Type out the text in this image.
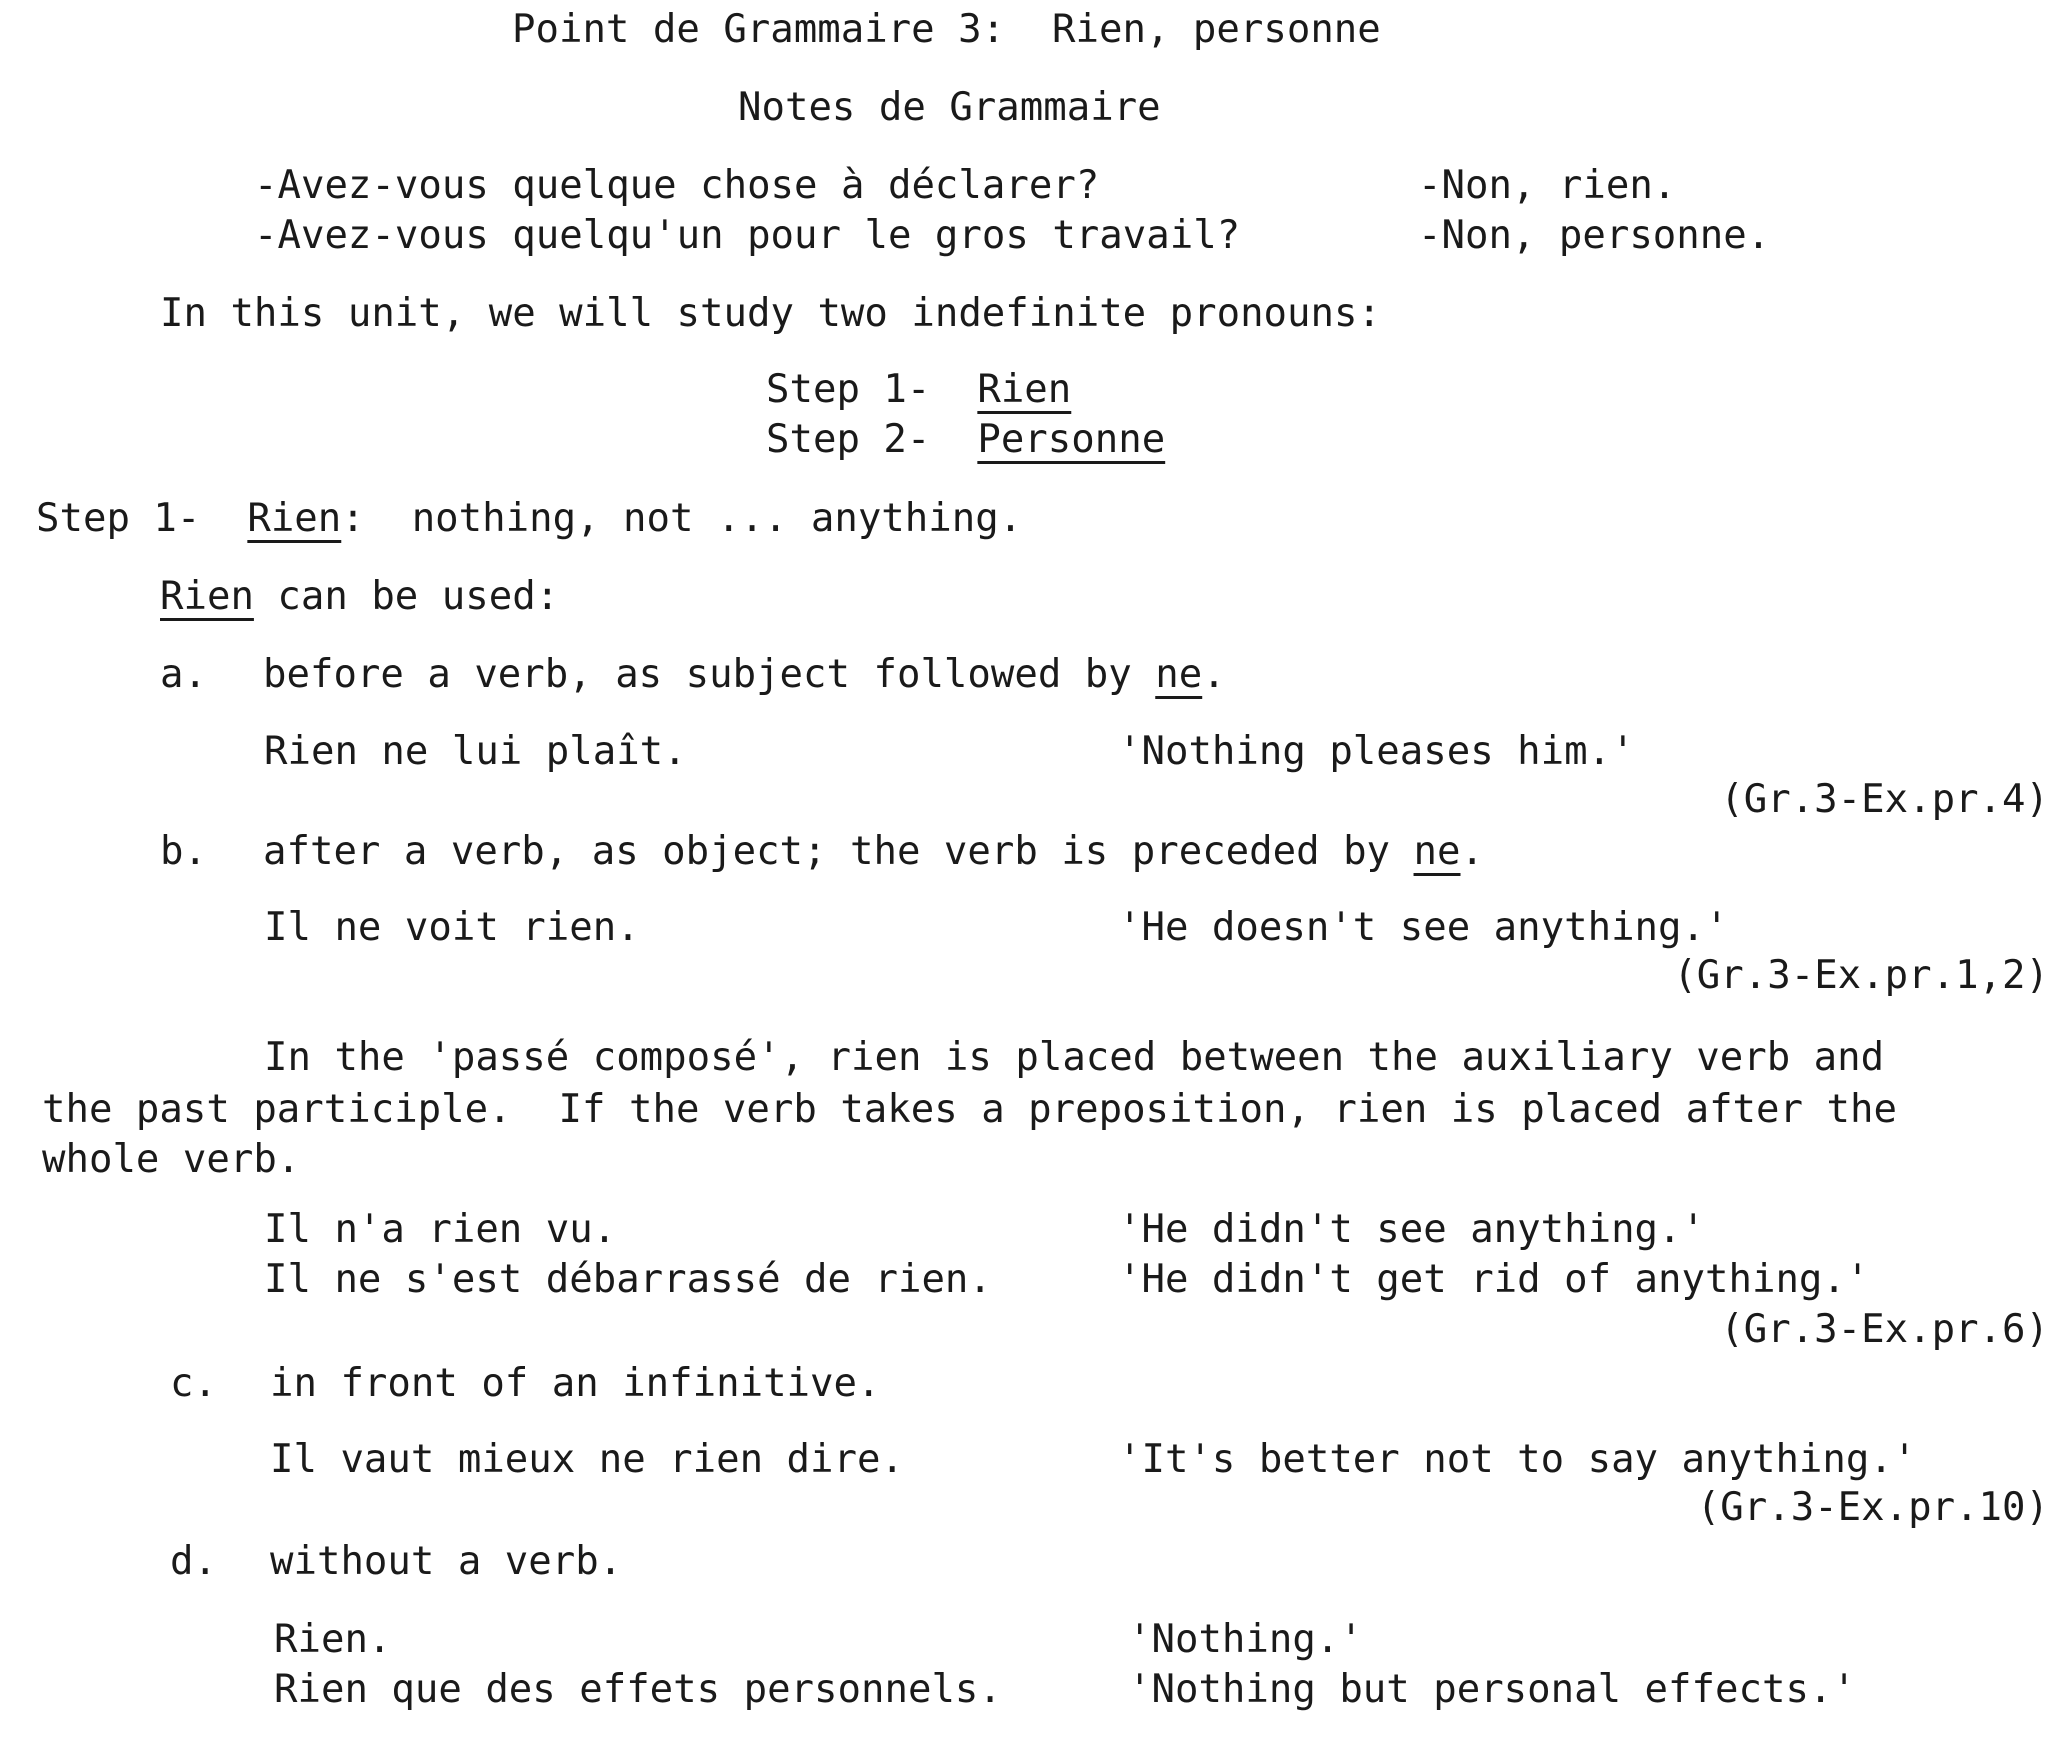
Point de Grammaire 3:  Rien, personne
Notes de Grammaire
-Avez-vous quelque chose à déclarer?	-Non, rien.
-Avez-vous quelqu'un pour le gros travail?	-Non, personne.
In this unit, we will study two indefinite pronouns:
Step 1- Rien
Step 2- Personne
Step 1- Rien:  nothing, not ... anything.
Rien can be used:
a. before a verb, as subject followed by ne.
Rien ne lui plaît.	'Nothing pleases him.'
(Gr.3-Ex.pr.4)
b. after a verb, as object; the verb is preceded by ne.
Il ne voit rien.	'He doesn't see anything.'
(Gr.3-Ex.pr.1,2)
In the 'passé composé', rien is placed between the auxiliary verb and
the past participle.  If the verb takes a preposition, rien is placed after the
whole verb.
Il n'a rien vu.	'He didn't see anything.'
Il ne s'est débarrassé de rien.	'He didn't get rid of anything.'
(Gr.3-Ex.pr.6)
c. in front of an infinitive.
Il vaut mieux ne rien dire.	'It's better not to say anything.'
(Gr.3-Ex.pr.10)
d. without a verb.
Rien.	'Nothing.'
Rien que des effets personnels.	'Nothing but personal effects.'
